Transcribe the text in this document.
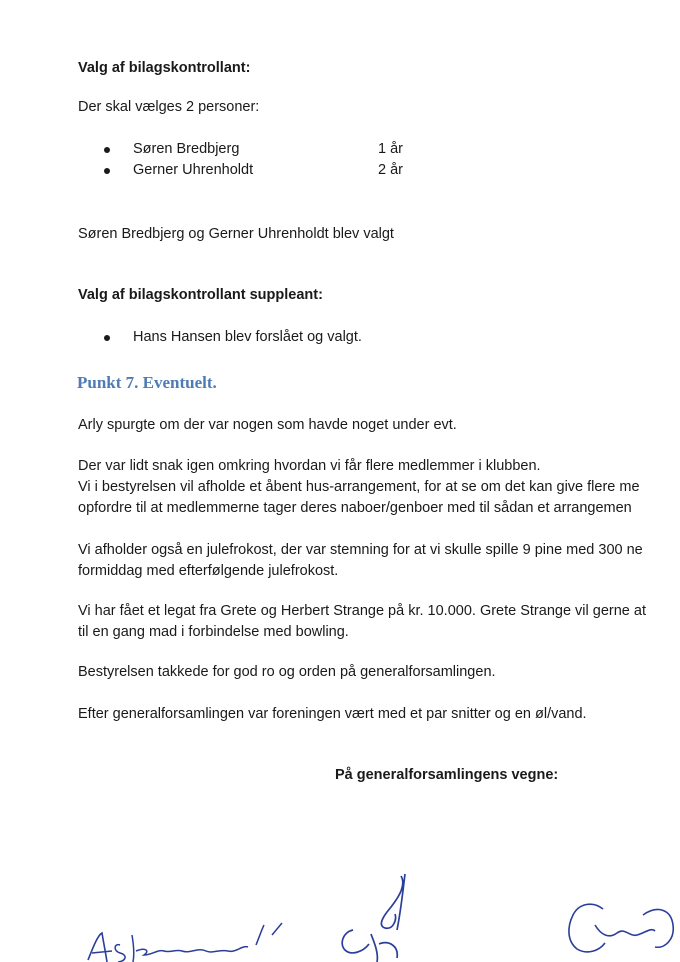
Valg af bilagskontrollant:
Der skal vælges 2 personer:
Søren Bredbjerg	1 år
Gerner Uhrenholdt	2 år
Søren Bredbjerg og Gerner Uhrenholdt blev valgt
Valg af bilagskontrollant suppleant:
Hans Hansen blev forslået og valgt.
Punkt 7. Eventuelt.
Arly spurgte om der var nogen som havde noget under evt.
Der var lidt snak igen omkring hvordan vi får flere medlemmer i klubben.
Vi i bestyrelsen vil afholde et åbent hus-arrangement, for at se om det kan give flere me
opfordre til at medlemmerne tager deres naboer/genboer med til sådan et arrangemen
Vi afholder også en julefrokost, der var stemning for at vi skulle spille 9 pine med 300 ne
formiddag med efterfølgende julefrokost.
Vi har fået et legat fra Grete og Herbert Strange på kr. 10.000. Grete Strange vil gerne at
til en gang mad i forbindelse med bowling.
Bestyrelsen takkede for god ro og orden på generalforsamlingen.
Efter generalforsamlingen var foreningen vært med et par snitter og en øl/vand.
På generalforsamlingens vegne:
